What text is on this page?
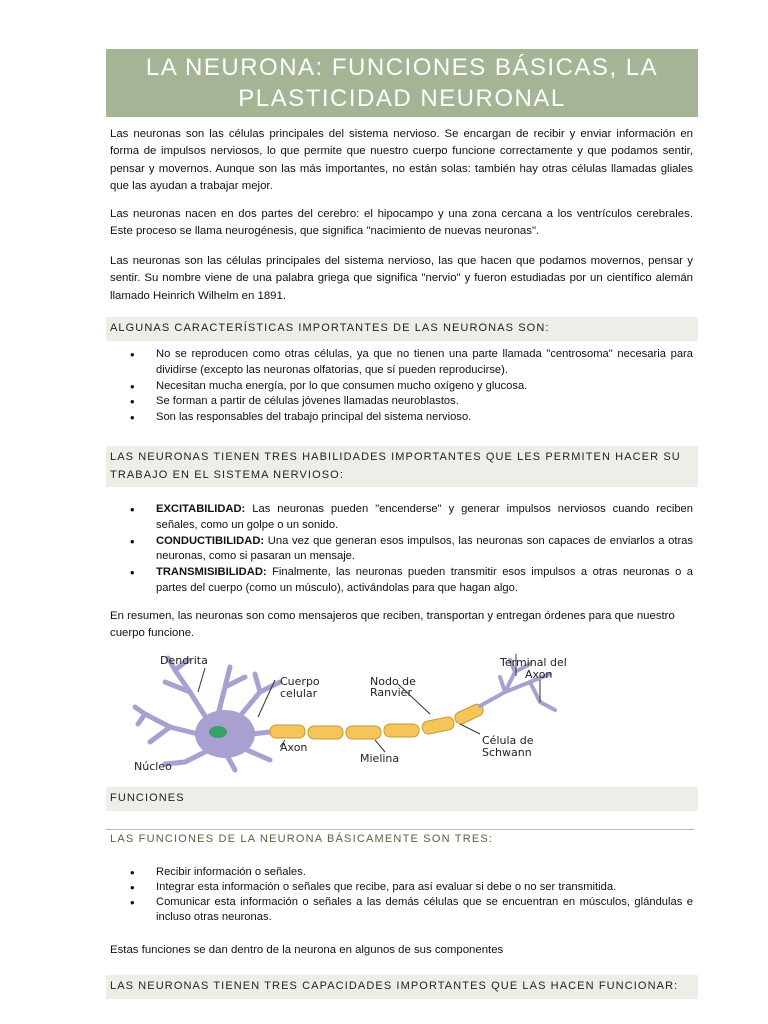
LA NEURONA: FUNCIONES BÁSICAS, LA
PLASTICIDAD NEURONAL

Las neuronas son las células principales del sistema nervioso. Se encargan de recibir y enviar información en forma de impulsos nerviosos, lo que permite que nuestro cuerpo funcione correctamente y que podamos sentir, pensar y movernos. Aunque son las más importantes, no están solas: también hay otras células llamadas gliales que las ayudan a trabajar mejor.

Las neuronas nacen en dos partes del cerebro: el hipocampo y una zona cercana a los ventrículos cerebrales. Este proceso se llama neurogénesis, que significa "nacimiento de nuevas neuronas".

Las neuronas son las células principales del sistema nervioso, las que hacen que podamos movernos, pensar y sentir. Su nombre viene de una palabra griega que significa "nervio" y fueron estudiadas por un científico alemán llamado Heinrich Wilhelm en 1891.

ALGUNAS CARACTERÍSTICAS IMPORTANTES DE LAS NEURONAS SON:
• No se reproducen como otras células, ya que no tienen una parte llamada "centrosoma" necesaria para dividirse (excepto las neuronas olfatorias, que sí pueden reproducirse).
• Necesitan mucha energía, por lo que consumen mucho oxígeno y glucosa.
• Se forman a partir de células jóvenes llamadas neuroblastos.
• Son las responsables del trabajo principal del sistema nervioso.
LAS NEURONAS TIENEN TRES HABILIDADES IMPORTANTES QUE LES PERMITEN HACER SU TRABAJO EN EL SISTEMA NERVIOSO:
• EXCITABILIDAD: Las neuronas pueden "encenderse" y generar impulsos nerviosos cuando reciben señales, como un golpe o un sonido.
• CONDUCTIBILIDAD: Una vez que generan esos impulsos, las neuronas son capaces de enviarlos a otras neuronas, como si pasaran un mensaje.
• TRANSMISIBILIDAD: Finalmente, las neuronas pueden transmitir esos impulsos a otras neuronas o a partes del cuerpo (como un músculo), activándolas para que hagan algo.

En resumen, las neuronas son como mensajeros que reciben, transportan y entregan órdenes para que nuestro cuerpo funcione.

Dendrita
Cuerpo
celular
Nodo de
Ranvier
Terminal del
Axon
Axon
Célula de
Schwann
Mielina
Núcleo
FUNCIONES
LAS FUNCIONES DE LA NEURONA BÁSICAMENTE SON TRES:
• Recibir información o señales.
• Integrar esta información o señales que recibe, para así evaluar si debe o no ser transmitida.
• Comunicar esta información o señales a las demás células que se encuentran en músculos, glándulas e incluso otras neuronas.

Estas funciones se dan dentro de la neurona en algunos de sus componentes

LAS NEURONAS TIENEN TRES CAPACIDADES IMPORTANTES QUE LAS HACEN FUNCIONAR:
